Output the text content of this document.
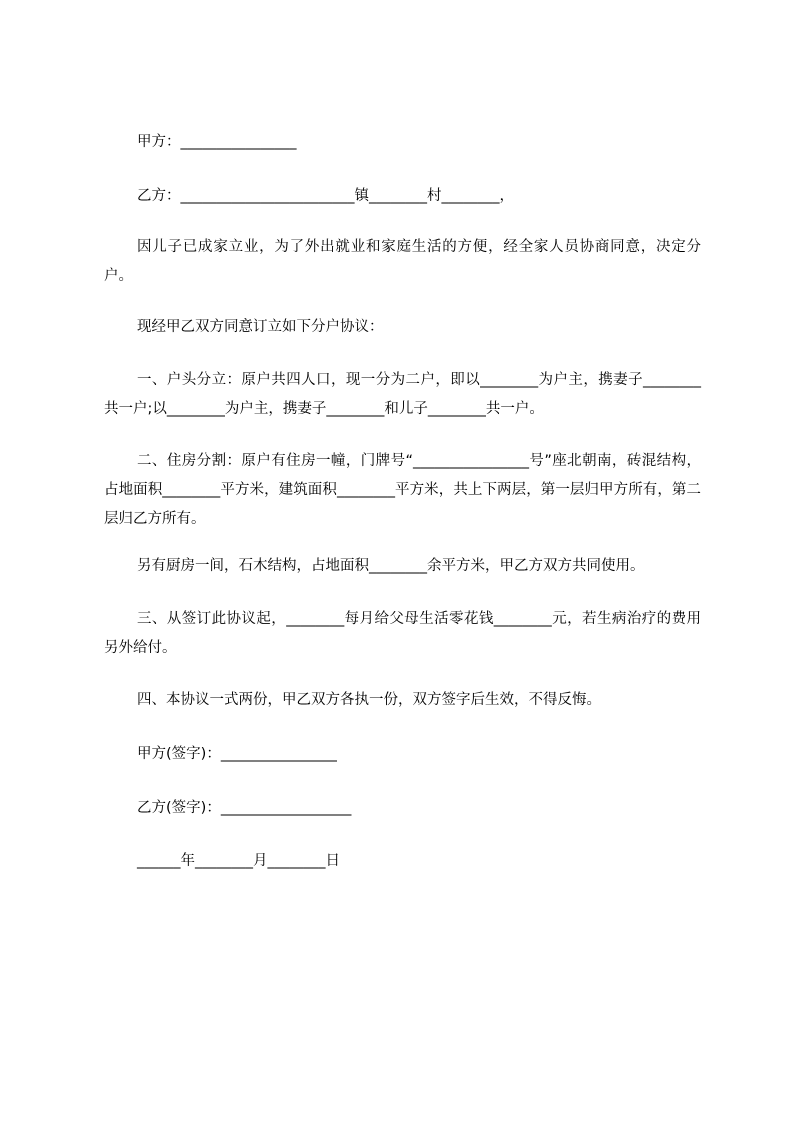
甲方：________________
乙方：________________________镇________村________，
因儿子已成家立业，为了外出就业和家庭生活的方便，经全家人员协商同意，决定分户。
现经甲乙双方同意订立如下分户协议：
一、户头分立：原户共四人口，现一分为二户，即以________为户主，携妻子________共一户;以________为户主，携妻子________和儿子________共一户。
二、住房分割：原户有住房一幢，门牌号“________________号”座北朝南，砖混结构，占地面积________平方米，建筑面积________平方米，共上下两层，第一层归甲方所有，第二层归乙方所有。
另有厨房一间，石木结构，占地面积________余平方米，甲乙方双方共同使用。
三、从签订此协议起，________每月给父母生活零花钱________元，若生病治疗的费用另外给付。
四、本协议一式两份，甲乙双方各执一份，双方签字后生效，不得反悔。
甲方(签字)：________________
乙方(签字)：__________________
______年________月________日
